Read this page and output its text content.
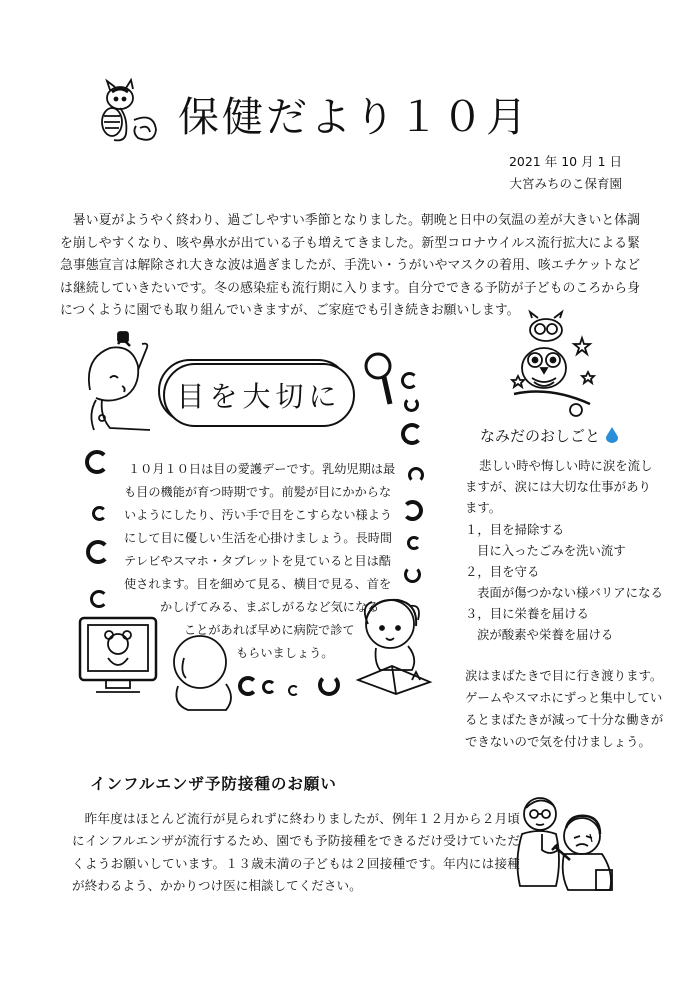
保健だより１０月
2021 年 10 月 1 日
大宮みちのこ保育園

暑い夏がようやく終わり、過ごしやすい季節となりました。朝晩と日中の気温の差が大きいと体調を崩しやすくなり、咳や鼻水が出ている子も増えてきました。新型コロナウイルス流行拡大による緊急事態宣言は解除され大きな波は過ぎましたが、手洗い・うがいやマスクの着用、咳エチケットなどは継続していきたいです。冬の感染症も流行期に入ります。自分でできる予防が子どものころから身につくように園でも取り組んでいきますが、ご家庭でも引き続きお願いします。

目を大切に
１０月１０日は目の愛護デーです。乳幼児期は最
も目の機能が育つ時期です。前髪が目にかからな
いようにしたり、汚い手で目をこすらない様よう
にして目に優しい生活を心掛けましょう。長時間
テレビやスマホ・タブレットを見ていると目は酷
使されます。目を細めて見る、横目で見る、首を
かしげてみる、まぶしがるなど気になる
ことがあれば早めに病院で診て
もらいましょう。
なみだのおしごと
悲しい時や悔しい時に涙を流し
ますが、涙には大切な仕事があり
ます。
１，目を掃除する
目に入ったごみを洗い流す
２，目を守る
表面が傷つかない様バリアになる
３，目に栄養を届ける
涙が酸素や栄養を届ける
涙はまばたきで目に行き渡ります。
ゲームやスマホにずっと集中してい
るとまばたきが減って十分な働きが
できないので気を付けましょう。
インフルエンザ予防接種のお願い

昨年度はほとんど流行が見られずに終わりましたが、例年１２月から２月頃にインフルエンザが流行するため、園でも予防接種をできるだけ受けていただくようお願いしています。１３歳未満の子どもは２回接種です。年内には接種が終わるよう、かかりつけ医に相談してください。
